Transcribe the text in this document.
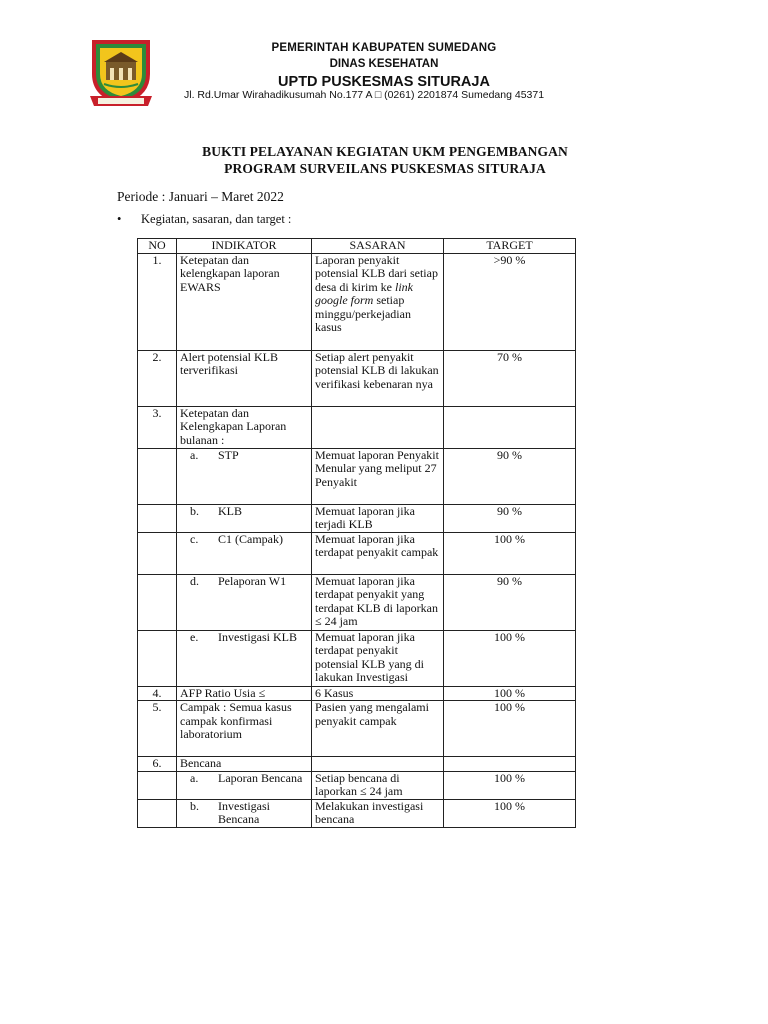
PEMERINTAH KABUPATEN SUMEDANG
DINAS KESEHATAN
UPTD PUSKESMAS SITURAJA
Jl. Rd.Umar Wirahadikusumah No.177 A □ (0261) 2201874 Sumedang 45371
BUKTI PELAYANAN KEGIATAN UKM PENGEMBANGAN
PROGRAM SURVEILANS PUSKESMAS SITURAJA
Periode : Januari – Maret 2022
• Kegiatan, sasaran, dan target :
NO	INDIKATOR	SASARAN	TARGET
1.	Ketepatan dan kelengkapan laporan EWARS	Laporan penyakit potensial KLB dari setiap desa di kirim ke link google form setiap minggu/perkejadian kasus	>90 %
2.	Alert potensial KLB terverifikasi	Setiap alert penyakit potensial KLB di lakukan verifikasi kebenaran nya	70 %
3.	Ketepatan dan Kelengkapan Laporan bulanan :		

	a. STP	Memuat laporan Penyakit Menular yang meliput 27 Penyakit	90 %

	b. KLB	Memuat laporan jika terjadi KLB	90 %

	c. C1 (Campak)	Memuat laporan jika terdapat penyakit campak	100 %

	d. Pelaporan W1	Memuat laporan jika terdapat penyakit yang terdapat KLB di laporkan ≤ 24 jam	90 %

	e. Investigasi KLB	Memuat laporan jika terdapat penyakit potensial KLB yang di lakukan Investigasi	100 %
4.	AFP Ratio Usia ≤	6 Kasus	100 %
5.	Campak : Semua kasus campak konfirmasi laboratorium	Pasien yang mengalami penyakit campak	100 %
6.	Bencana		

	a. Laporan Bencana	Setiap bencana di laporkan ≤ 24 jam	100 %

	b. Investigasi Bencana	Melakukan investigasi bencana	100 %
